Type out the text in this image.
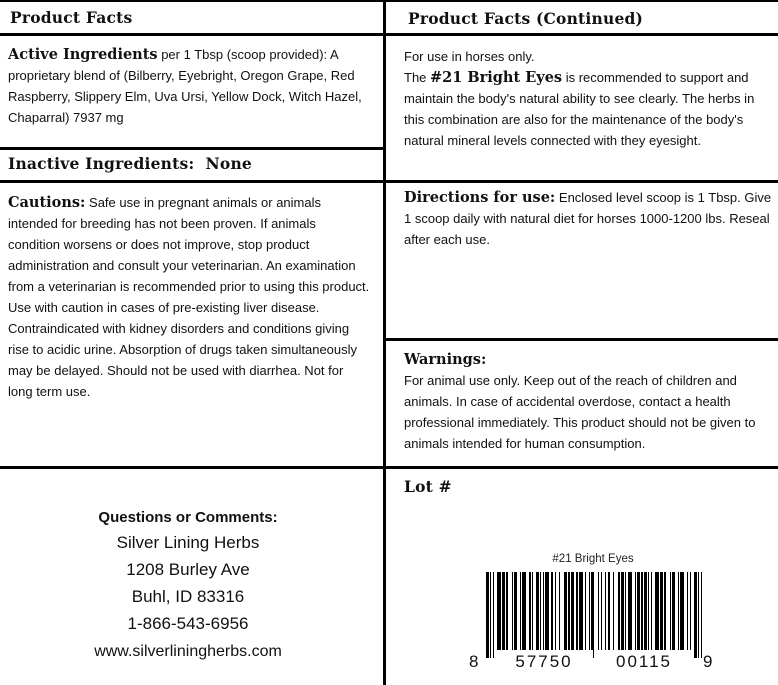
Product Facts
Active Ingredients per 1 Tbsp (scoop provided): A proprietary blend of (Bilberry, Eyebright, Oregon Grape, Red Raspberry, Slippery Elm, Uva Ursi, Yellow Dock, Witch Hazel, Chaparral) 7937 mg
Inactive Ingredients:  None
Cautions: Safe use in pregnant animals or animals intended for breeding has not been proven. If animals condition worsens or does not improve, stop product administration and consult your veterinarian. An examination from a veterinarian is recommended prior to using this product. Use with caution in cases of pre-existing liver disease. Contraindicated with kidney disorders and conditions giving rise to acidic urine. Absorption of drugs taken simultaneously may be delayed. Should not be used with diarrhea. Not for long term use.
Product Facts (Continued)
For use in horses only.
The #21 Bright Eyes is recommended to support and maintain the body's natural ability to see clearly. The herbs in this combination are also for the maintenance of the body's natural mineral levels connected with they eyesight.
Directions for use: Enclosed level scoop is 1 Tbsp. Give 1 scoop daily with natural diet for horses 1000-1200 lbs. Reseal after each use.
Warnings:
For animal use only. Keep out of the reach of children and animals. In case of accidental overdose, contact a health professional immediately. This product should not be given to animals intended for human consumption.
Questions or Comments:
Silver Lining Herbs
1208 Burley Ave
Buhl, ID 83316
1-866-543-6956
www.silverliningherbs.com
Lot #
#21 Bright Eyes
8	57750	00115	9
